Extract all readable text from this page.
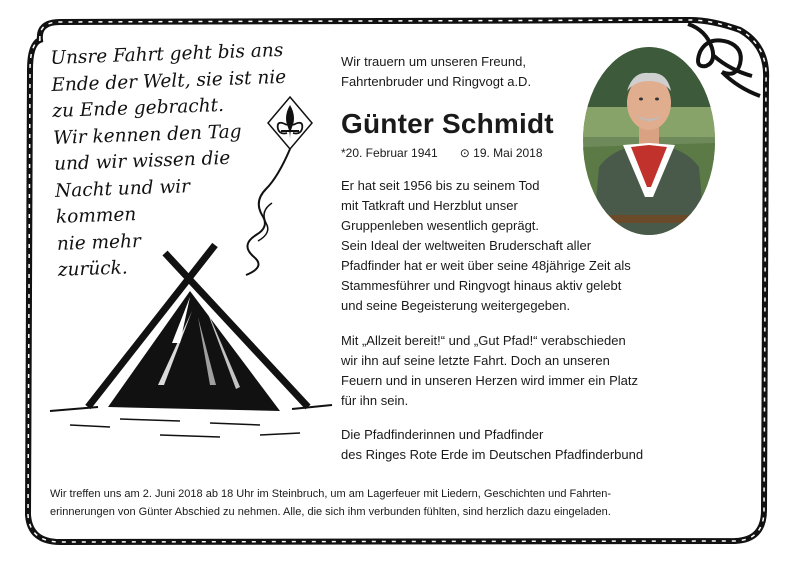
Unsre Fahrt geht bis ans
Ende der Welt, sie ist nie
zu Ende gebracht.
Wir kennen den Tag
und wir wissen die
Nacht und wir
kommen
nie mehr
zurück.
Wir trauern um unseren Freund,
Fahrtenbruder und Ringvogt a.D.
Günter Schmidt
*20. Februar 1941 ⊙ 19. Mai 2018
Er hat seit 1956 bis zu seinem Tod
mit Tatkraft und Herzblut unser
Gruppenleben wesentlich geprägt.
Sein Ideal der weltweiten Bruderschaft aller
Pfadfinder hat er weit über seine 48jährige Zeit als
Stammesführer und Ringvogt hinaus aktiv gelebt
und seine Begeisterung weitergegeben.
Mit „Allzeit bereit!“ und „Gut Pfad!“ verabschieden
wir ihn auf seine letzte Fahrt. Doch an unseren
Feuern und in unseren Herzen wird immer ein Platz
für ihn sein.
Die Pfadfinderinnen und Pfadfinder
des Ringes Rote Erde im Deutschen Pfadfinderbund
Wir treffen uns am 2. Juni 2018 ab 18 Uhr im Steinbruch, um am Lagerfeuer mit Liedern, Geschichten und Fahrten-
erinnerungen von Günter Abschied zu nehmen. Alle, die sich ihm verbunden fühlten, sind herzlich dazu eingeladen.
